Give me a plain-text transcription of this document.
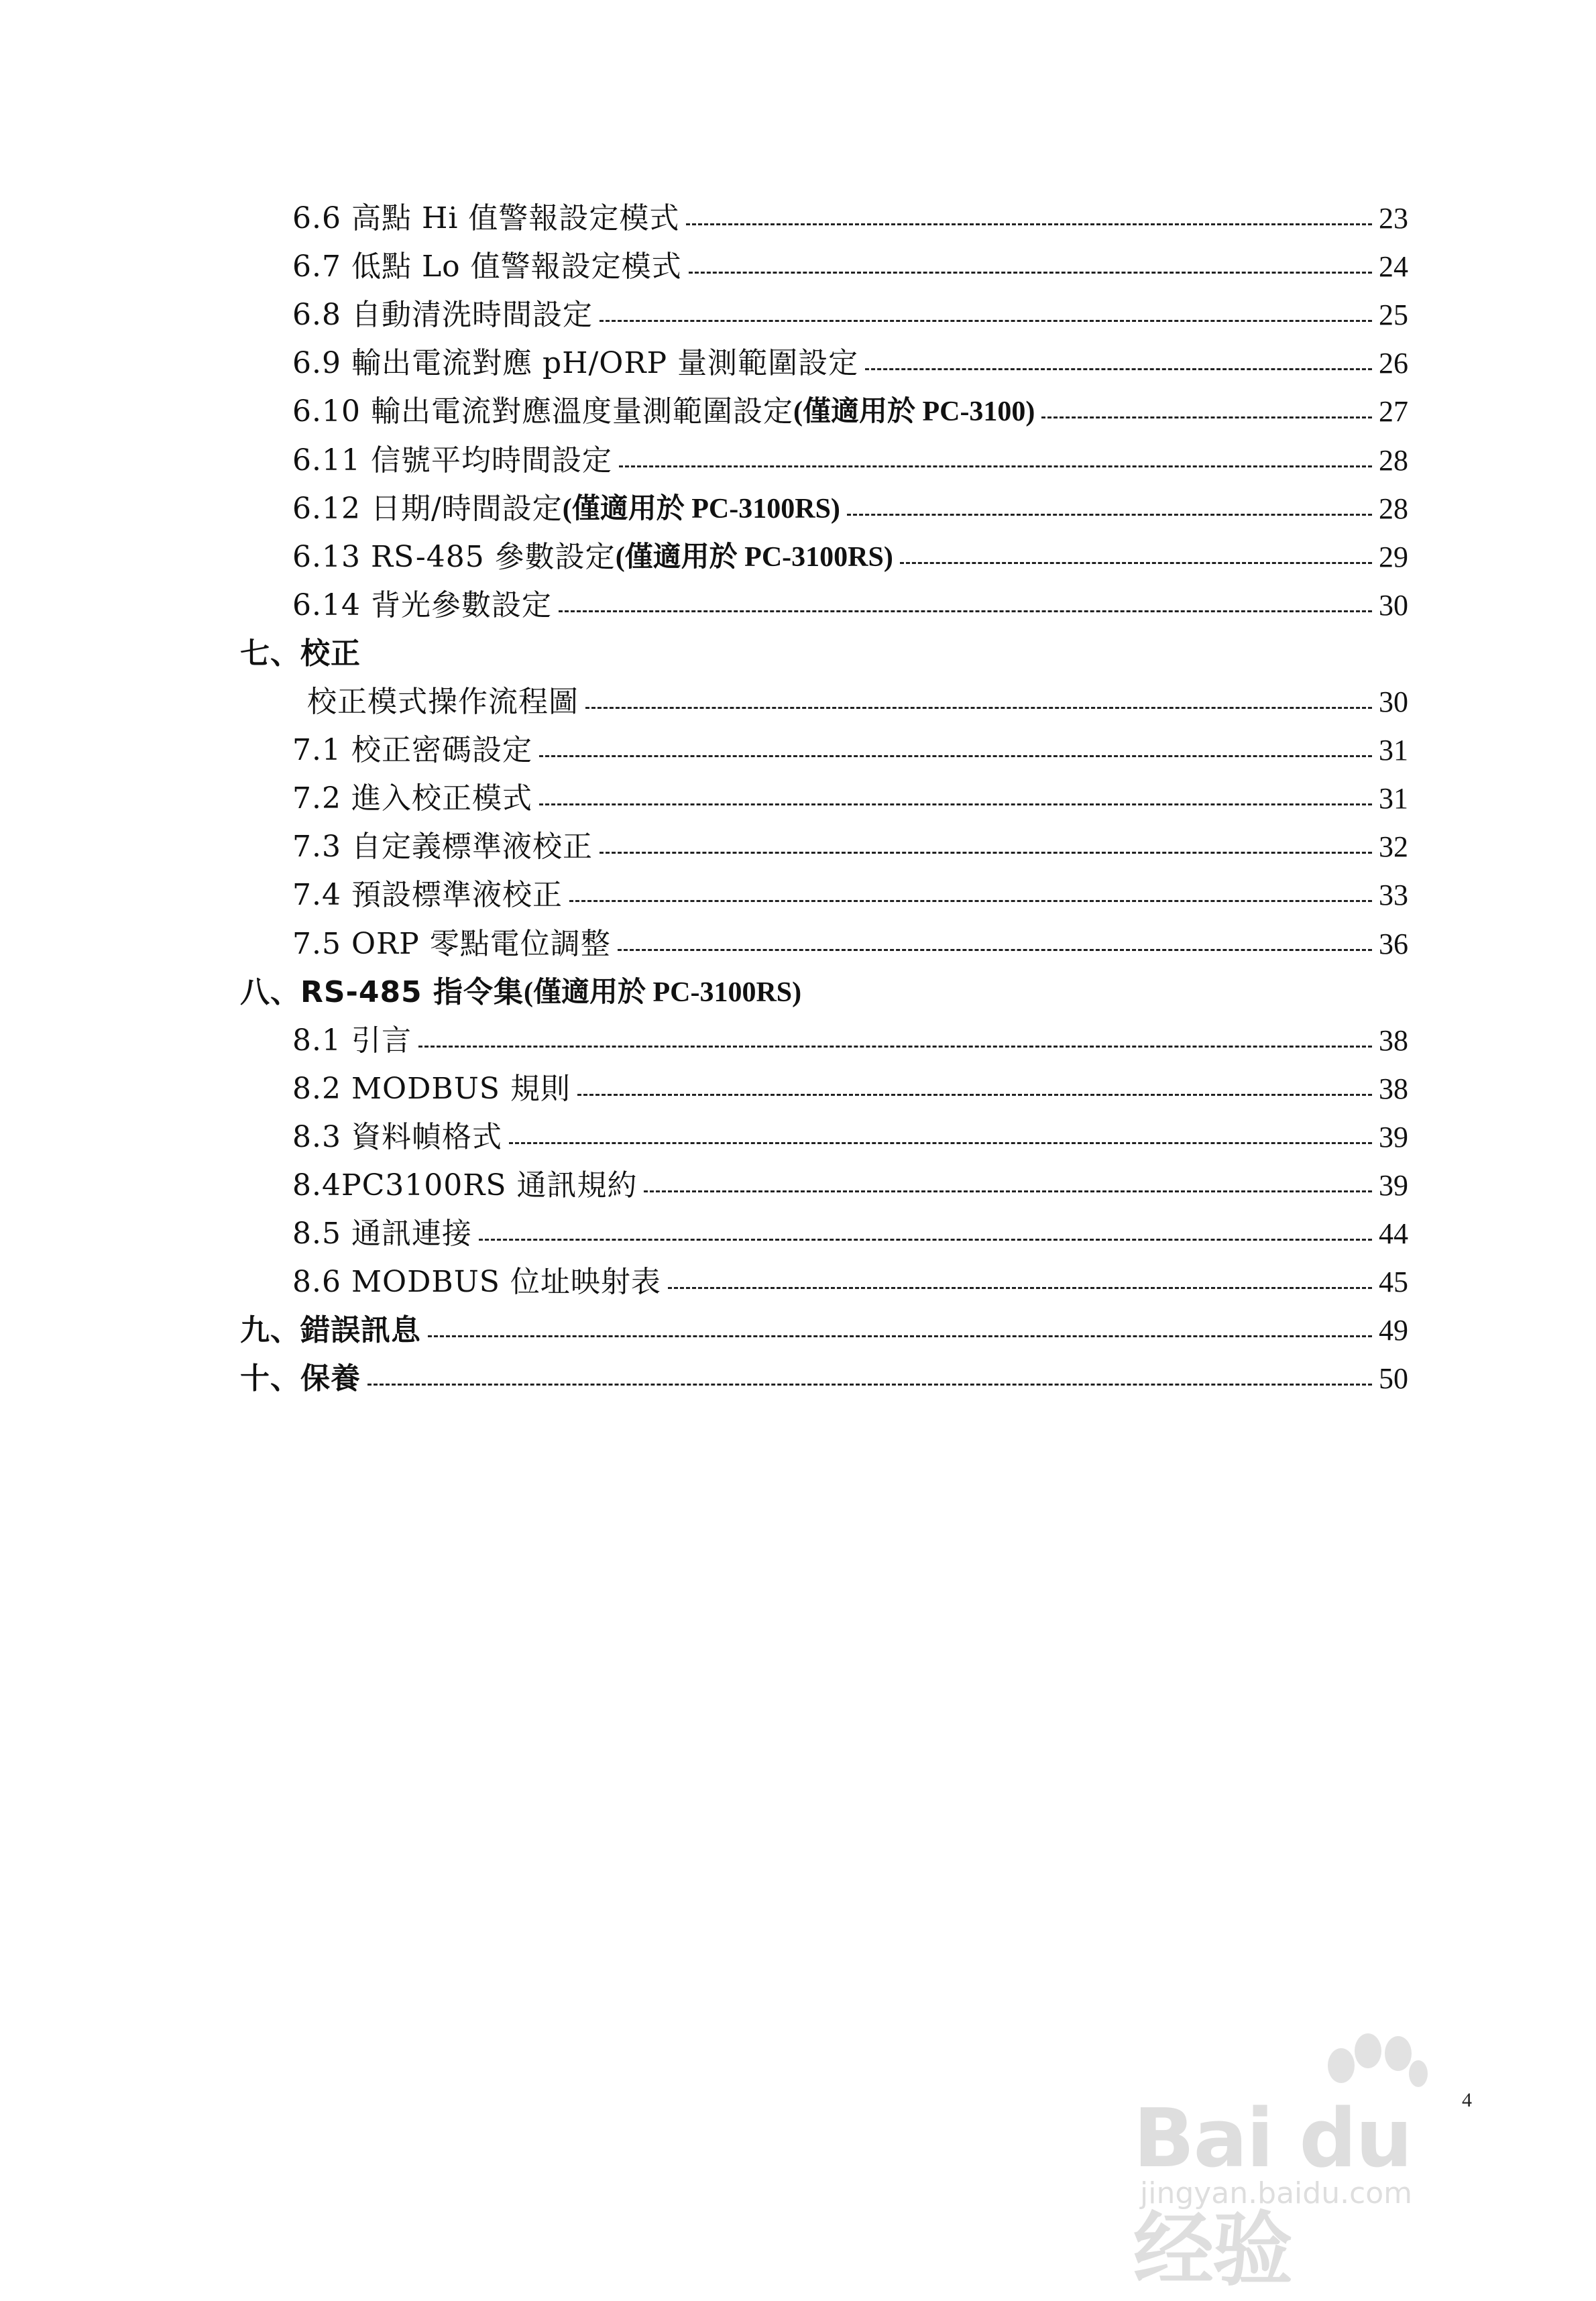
6.6 高點 Hi 值警報設定模式	23
6.7 低點 Lo 值警報設定模式	24
6.8 自動清洗時間設定	25
6.9 輸出電流對應 pH/ORP 量測範圍設定	26
6.10 輸出電流對應溫度量測範圍設定 (僅適用於 PC-3100)	27
6.11 信號平均時間設定	28
6.12 日期/時間設定 (僅適用於 PC-3100RS)	28
6.13 RS-485 參數設定 (僅適用於 PC-3100RS)	29
6.14 背光參數設定	30
七、校正
校正模式操作流程圖	30
7.1 校正密碼設定	31
7.2 進入校正模式	31
7.3 自定義標準液校正	32
7.4 預設標準液校正	33
7.5 ORP 零點電位調整	36
八、RS-485 指令集 (僅適用於 PC-3100RS)
8.1 引言	38
8.2 MODBUS 規則	38
8.3 資料幀格式	39
8.4PC3100RS 通訊規約	39
8.5 通訊連接	44
8.6 MODBUS 位址映射表	45
九、錯誤訊息	49
十、保養	50
4
Bai du 经验
jingyan.baidu.com
